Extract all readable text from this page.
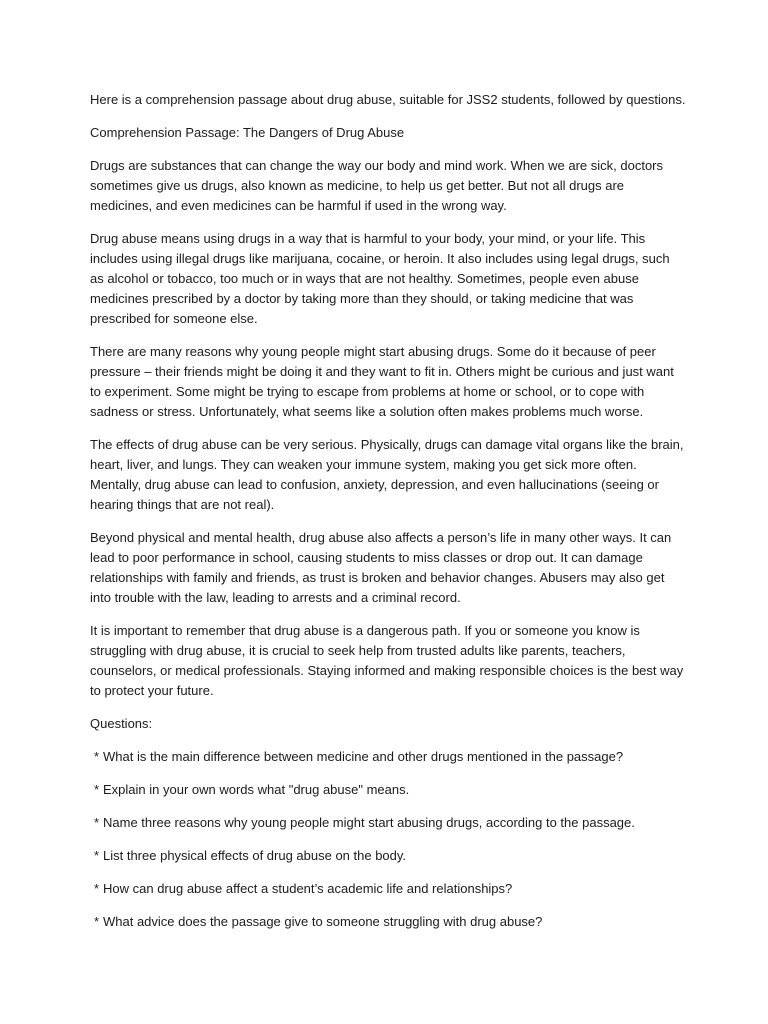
Here is a comprehension passage about drug abuse, suitable for JSS2 students, followed by questions.

Comprehension Passage: The Dangers of Drug Abuse

Drugs are substances that can change the way our body and mind work. When we are sick, doctors sometimes give us drugs, also known as medicine, to help us get better. But not all drugs are medicines, and even medicines can be harmful if used in the wrong way.

Drug abuse means using drugs in a way that is harmful to your body, your mind, or your life. This includes using illegal drugs like marijuana, cocaine, or heroin. It also includes using legal drugs, such as alcohol or tobacco, too much or in ways that are not healthy. Sometimes, people even abuse medicines prescribed by a doctor by taking more than they should, or taking medicine that was prescribed for someone else.

There are many reasons why young people might start abusing drugs. Some do it because of peer pressure – their friends might be doing it and they want to fit in. Others might be curious and just want to experiment. Some might be trying to escape from problems at home or school, or to cope with sadness or stress. Unfortunately, what seems like a solution often makes problems much worse.

The effects of drug abuse can be very serious. Physically, drugs can damage vital organs like the brain, heart, liver, and lungs. They can weaken your immune system, making you get sick more often. Mentally, drug abuse can lead to confusion, anxiety, depression, and even hallucinations (seeing or hearing things that are not real).

Beyond physical and mental health, drug abuse also affects a person’s life in many other ways. It can lead to poor performance in school, causing students to miss classes or drop out. It can damage relationships with family and friends, as trust is broken and behavior changes. Abusers may also get into trouble with the law, leading to arrests and a criminal record.

It is important to remember that drug abuse is a dangerous path. If you or someone you know is struggling with drug abuse, it is crucial to seek help from trusted adults like parents, teachers, counselors, or medical professionals. Staying informed and making responsible choices is the best way to protect your future.

Questions:

* What is the main difference between medicine and other drugs mentioned in the passage?

* Explain in your own words what "drug abuse" means.

* Name three reasons why young people might start abusing drugs, according to the passage.

* List three physical effects of drug abuse on the body.

* How can drug abuse affect a student’s academic life and relationships?

* What advice does the passage give to someone struggling with drug abuse?
